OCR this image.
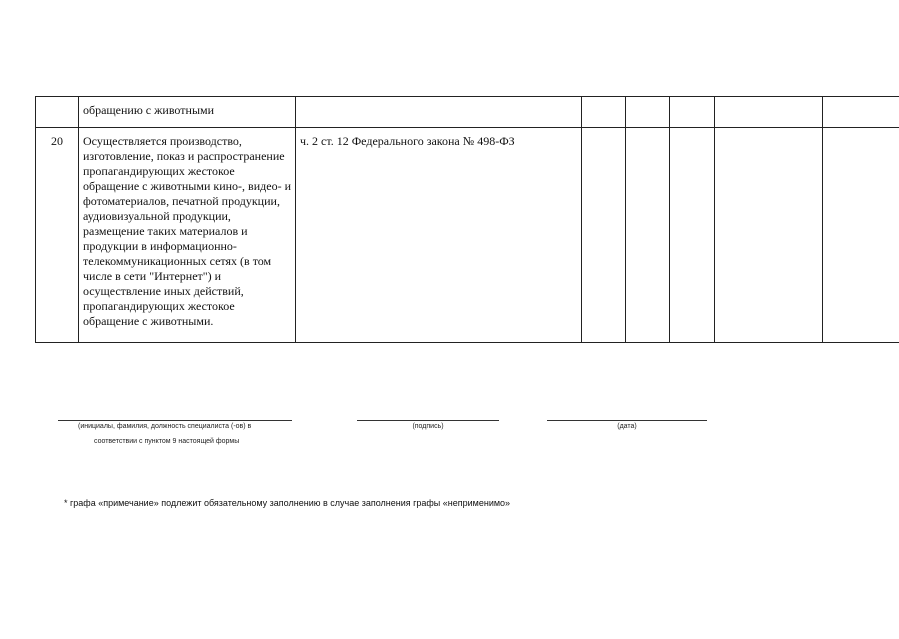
	обращению с животными						
20	Осуществляется производство, изготовление, показ и распространение пропагандирующих жестокое обращение с животными кино-, видео- и фотоматериалов, печатной продукции, аудиовизуальной продукции, размещение таких материалов и продукции в информационно-телекоммуникационных сетях (в том числе в сети "Интернет") и осуществление иных действий, пропагандирующих жестокое обращение с животными.	ч. 2 ст. 12 Федерального закона № 498-ФЗ					
(инициалы, фамилия, должность специалиста (-ов) в
соответствии с пунктом 9 настоящей формы
(подпись)	(дата)
* графа «примечание» подлежит обязательному заполнению в случае заполнения графы «неприменимо»
